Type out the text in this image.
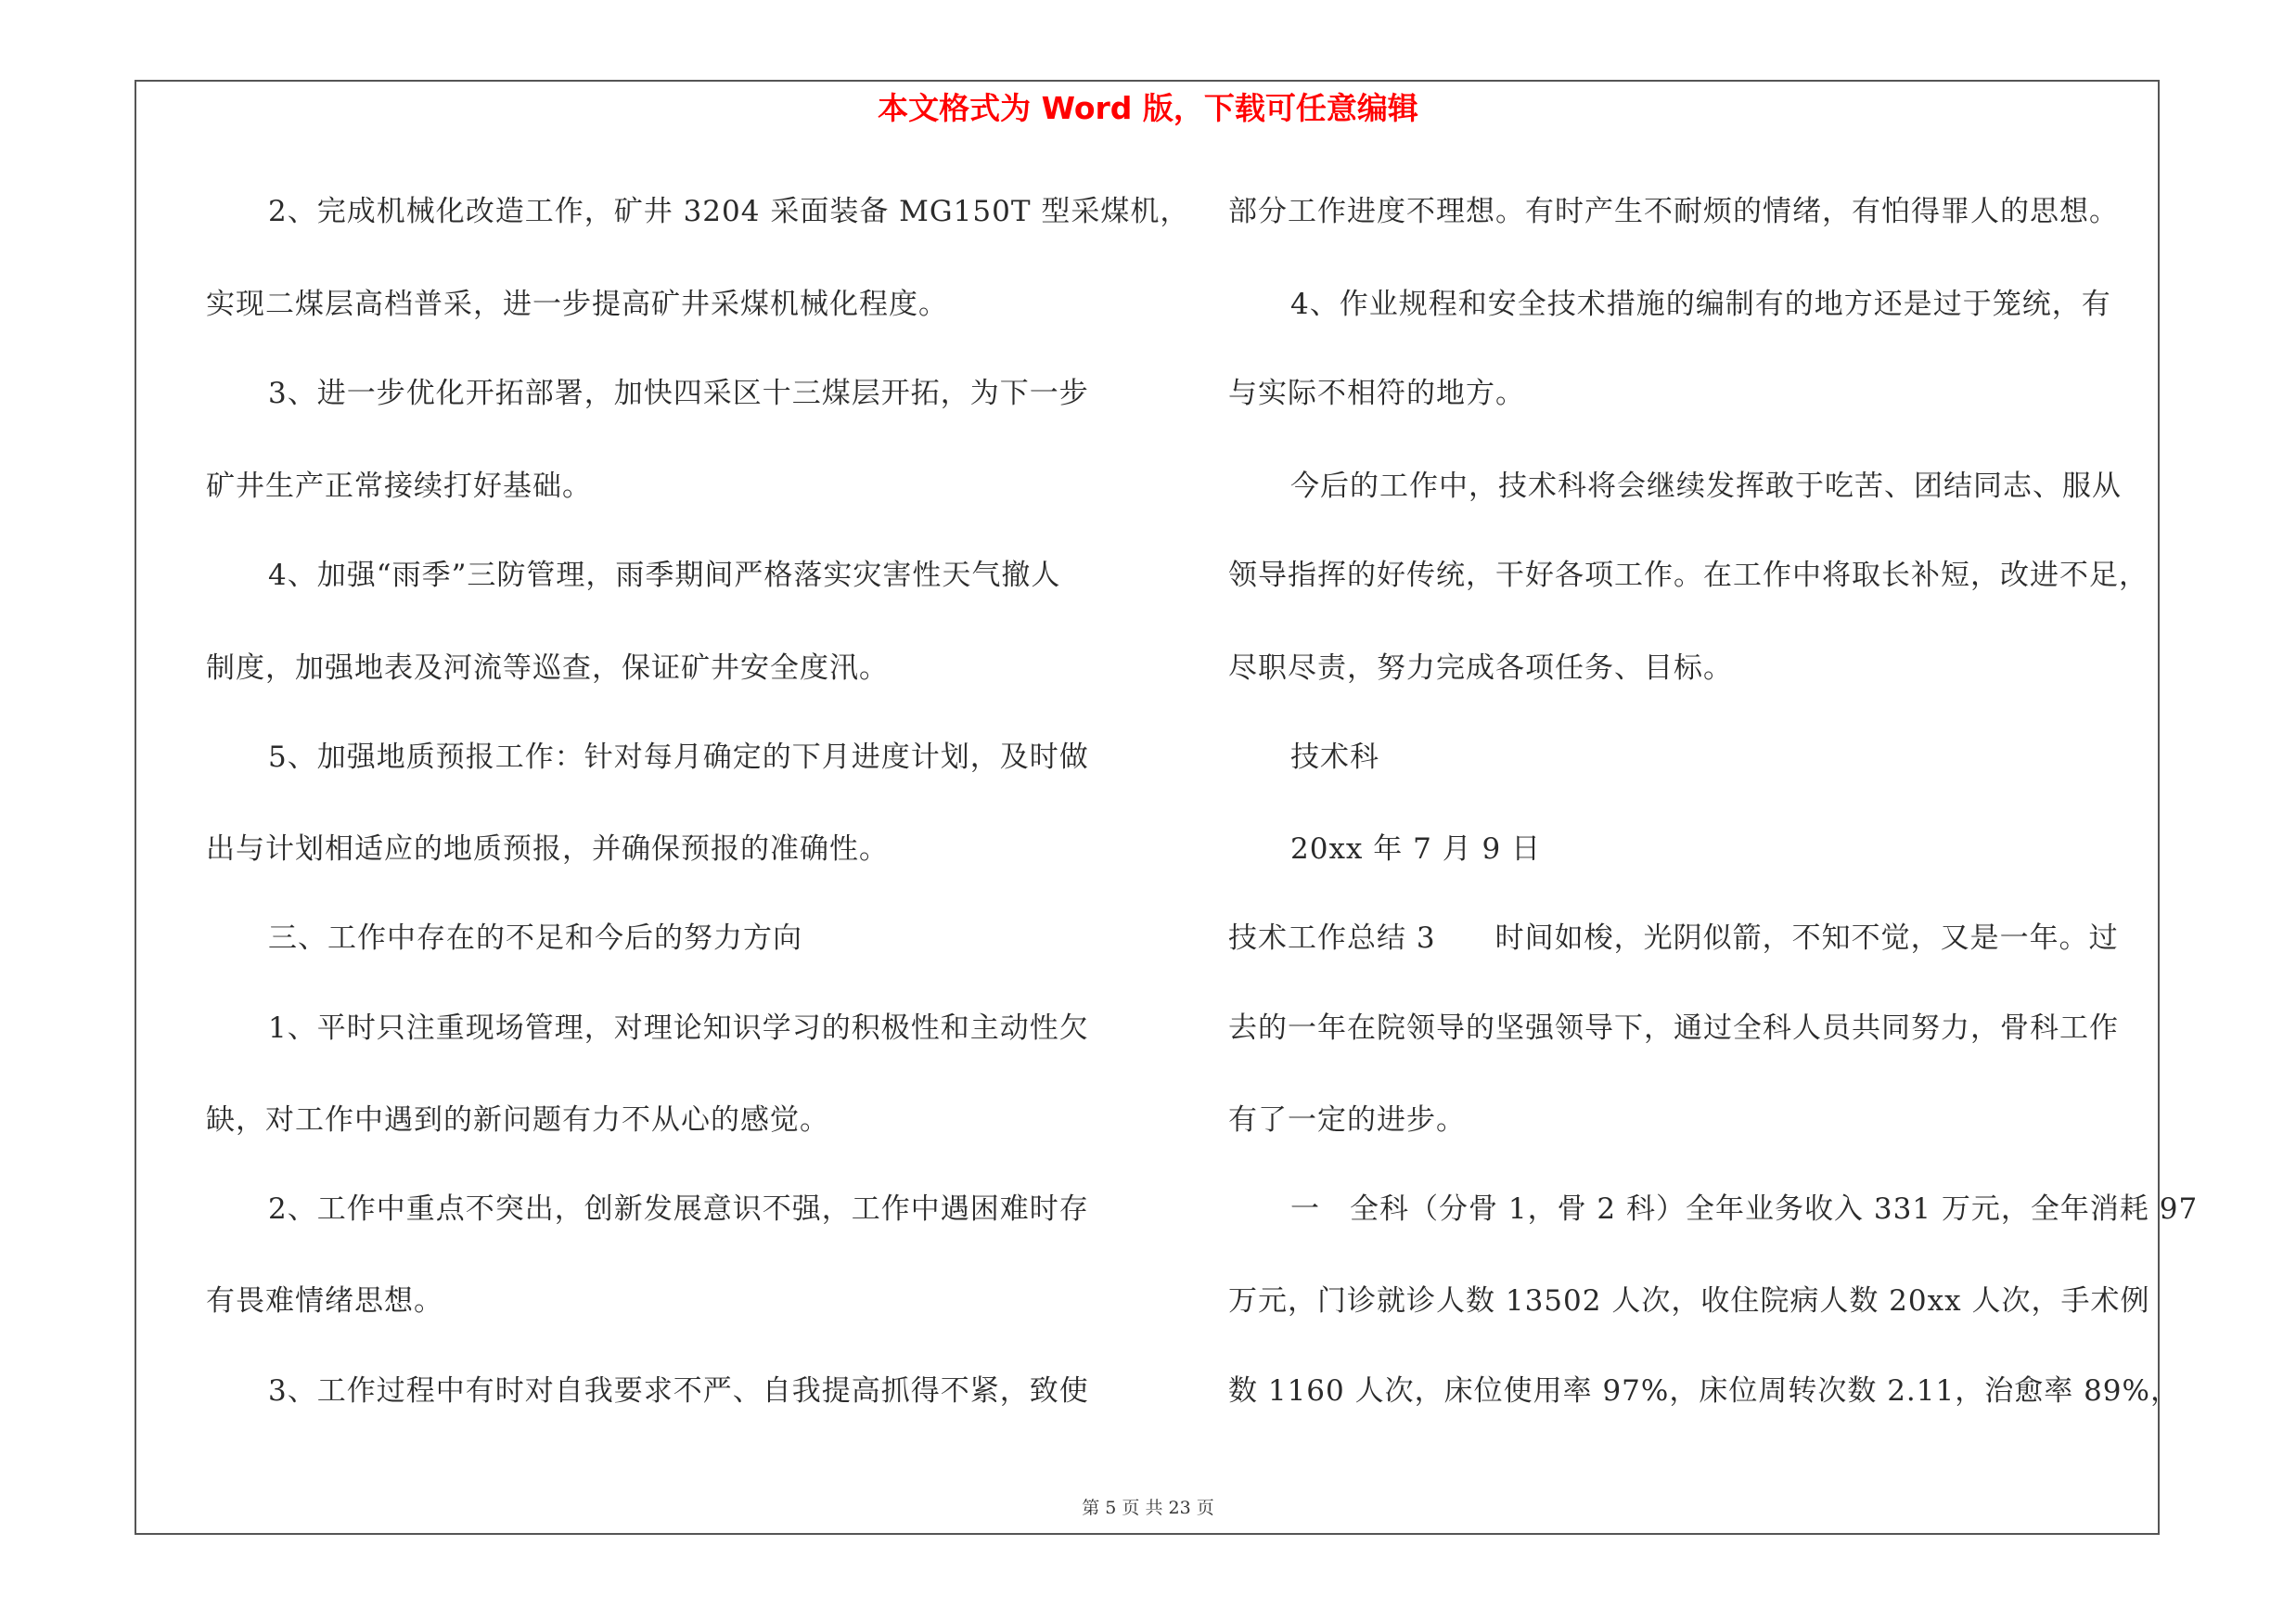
本文格式为 Word 版，下载可任意编辑
2、完成机械化改造工作，矿井 3204 采面装备 MG150T 型采煤机，
实现二煤层高档普采，进一步提高矿井采煤机械化程度。
3、进一步优化开拓部署，加快四采区十三煤层开拓，为下一步
矿井生产正常接续打好基础。
4、加强“雨季”三防管理，雨季期间严格落实灾害性天气撤人
制度，加强地表及河流等巡查，保证矿井安全度汛。
5、加强地质预报工作：针对每月确定的下月进度计划，及时做
出与计划相适应的地质预报，并确保预报的准确性。
三、工作中存在的不足和今后的努力方向
1、平时只注重现场管理，对理论知识学习的积极性和主动性欠
缺，对工作中遇到的新问题有力不从心的感觉。
2、工作中重点不突出，创新发展意识不强，工作中遇困难时存
有畏难情绪思想。
3、工作过程中有时对自我要求不严、自我提高抓得不紧，致使
部分工作进度不理想。有时产生不耐烦的情绪，有怕得罪人的思想。
4、作业规程和安全技术措施的编制有的地方还是过于笼统，有
与实际不相符的地方。
今后的工作中，技术科将会继续发挥敢于吃苦、团结同志、服从
领导指挥的好传统，干好各项工作。在工作中将取长补短，改进不足，
尽职尽责，努力完成各项任务、目标。
技术科
20xx 年 7 月 9 日
技术工作总结 3　　时间如梭，光阴似箭，不知不觉，又是一年。过
去的一年在院领导的坚强领导下，通过全科人员共同努力，骨科工作
有了一定的进步。
一　全科（分骨 1，骨 2 科）全年业务收入 331 万元，全年消耗 97
万元，门诊就诊人数 13502 人次，收住院病人数 20xx 人次，手术例
数 1160 人次，床位使用率 97%，床位周转次数 2.11，治愈率 89%，
第 5 页 共 23 页
